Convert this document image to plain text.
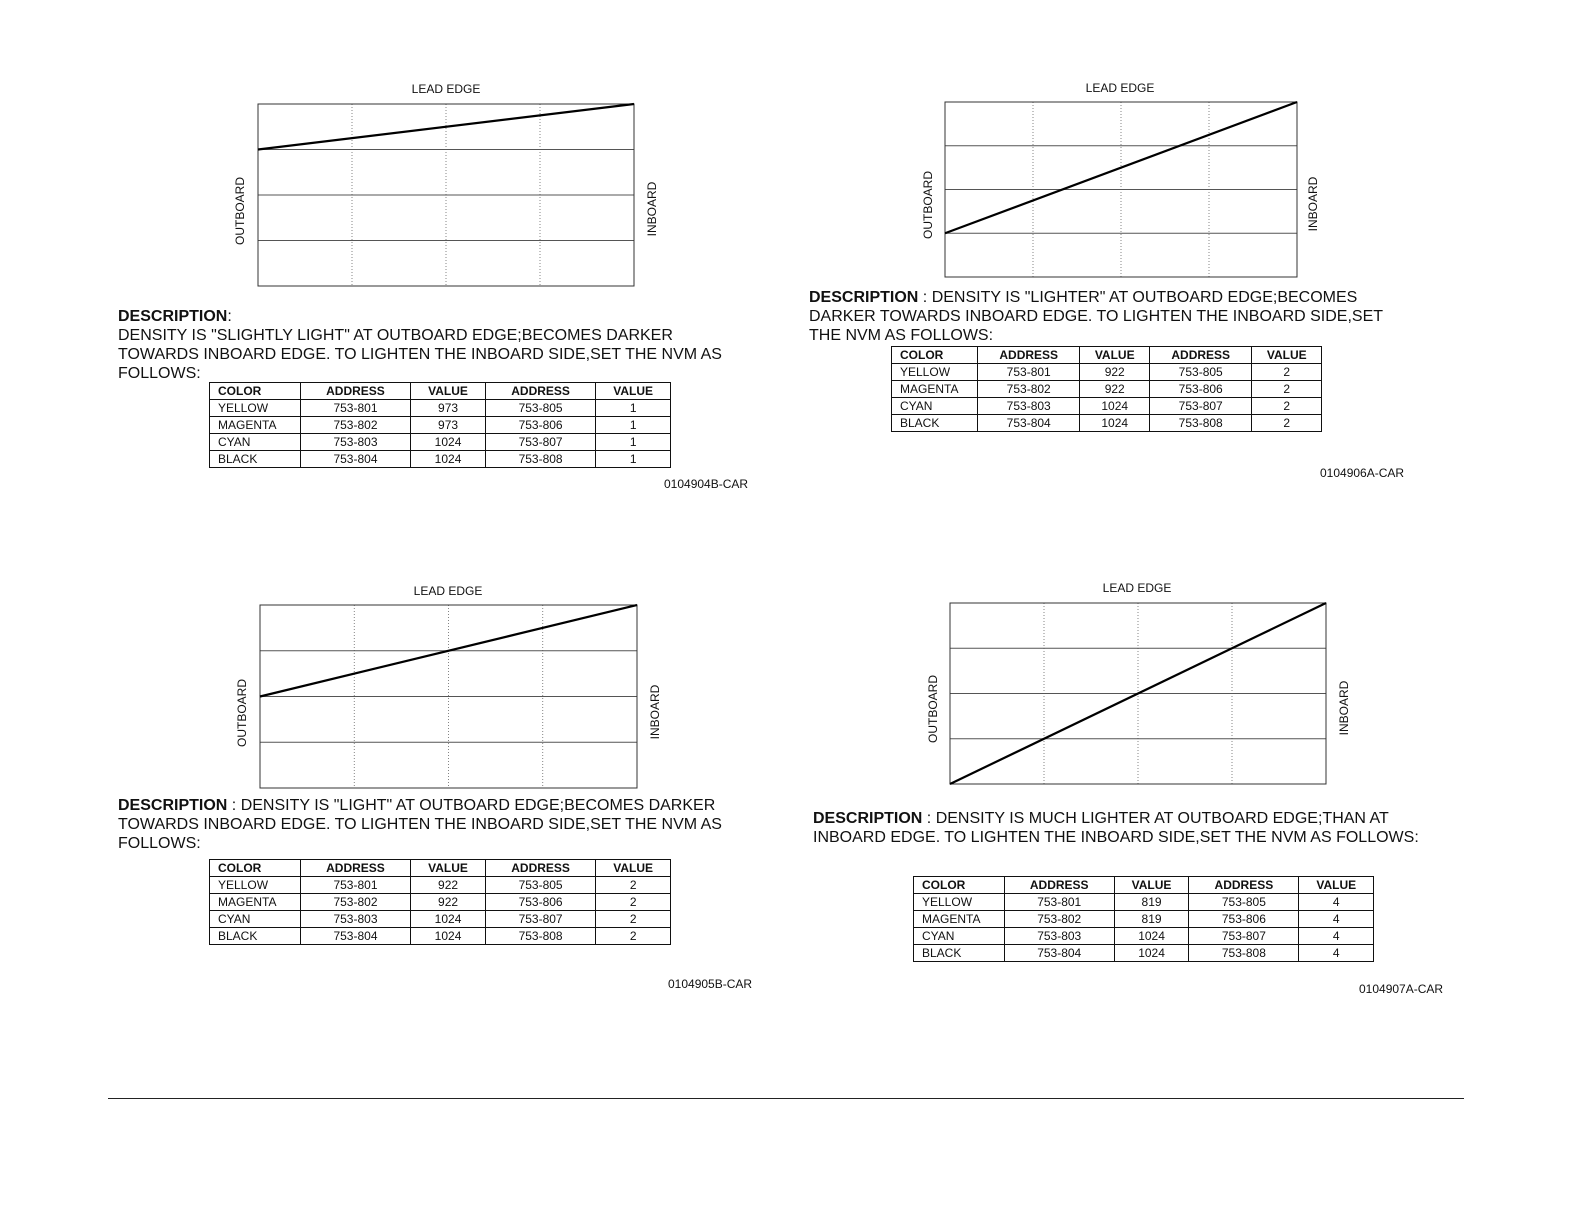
LEAD EDGE
OUTBOARD	INBOARD
DESCRIPTION:
DENSITY IS "SLIGHTLY LIGHT" AT OUTBOARD EDGE;BECOMES DARKER TOWARDS INBOARD EDGE. TO LIGHTEN THE INBOARD SIDE,SET THE NVM AS FOLLOWS:
COLOR	ADDRESS	VALUE	ADDRESS	VALUE
YELLOW	753-801	973	753-805	1
MAGENTA	753-802	973	753-806	1
CYAN	753-803	1024	753-807	1
BLACK	753-804	1024	753-808	1
0104904B-CAR
LEAD EDGE
OUTBOARD	INBOARD
DESCRIPTION : DENSITY IS "LIGHTER" AT OUTBOARD EDGE;BECOMES DARKER TOWARDS INBOARD EDGE. TO LIGHTEN THE INBOARD SIDE,SET THE NVM AS FOLLOWS:
COLOR	ADDRESS	VALUE	ADDRESS	VALUE
YELLOW	753-801	922	753-805	2
MAGENTA	753-802	922	753-806	2
CYAN	753-803	1024	753-807	2
BLACK	753-804	1024	753-808	2
0104906A-CAR
LEAD EDGE
OUTBOARD	INBOARD
DESCRIPTION : DENSITY IS "LIGHT" AT OUTBOARD EDGE;BECOMES DARKER TOWARDS INBOARD EDGE. TO LIGHTEN THE INBOARD SIDE,SET THE NVM AS FOLLOWS:
COLOR	ADDRESS	VALUE	ADDRESS	VALUE
YELLOW	753-801	922	753-805	2
MAGENTA	753-802	922	753-806	2
CYAN	753-803	1024	753-807	2
BLACK	753-804	1024	753-808	2
0104905B-CAR
LEAD EDGE
OUTBOARD	INBOARD
DESCRIPTION : DENSITY IS MUCH LIGHTER AT OUTBOARD EDGE;THAN AT INBOARD EDGE. TO LIGHTEN THE INBOARD SIDE,SET THE NVM AS FOLLOWS:
COLOR	ADDRESS	VALUE	ADDRESS	VALUE
YELLOW	753-801	819	753-805	4
MAGENTA	753-802	819	753-806	4
CYAN	753-803	1024	753-807	4
BLACK	753-804	1024	753-808	4
0104907A-CAR
